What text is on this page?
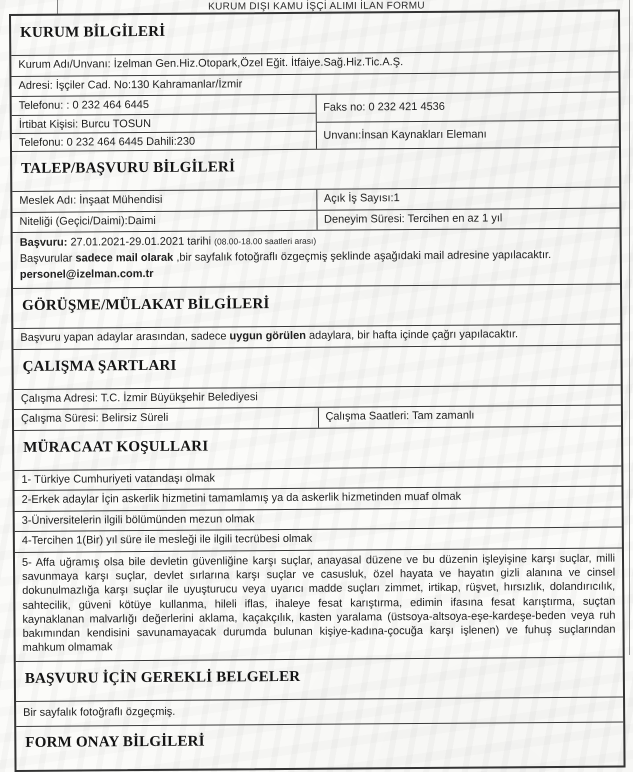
KURUM DIŞI KAMU İŞÇİ ALIMI İLAN FORMU
KURUM BİLGİLERİ
Kurum Adı/Unvanı: İzelman Gen.Hiz.Otopark,Özel Eğit. İtfaiye.Sağ.Hiz.Tic.A.Ş.
Adresi: İşçiler Cad. No:130 Kahramanlar/İzmir
Telefonu: : 0 232 464 6445
İrtibat Kişisi: Burcu TOSUN
Telefonu: 0 232 464 6445 Dahili:230
Faks no: 0 232 421 4536
Unvanı:İnsan Kaynakları Elemanı
TALEP/BAŞVURU BİLGİLERİ
Meslek Adı: İnşaat Mühendisi	Açık İş Sayısı:1
Niteliği (Geçici/Daimi):Daimi	Deneyim Süresi: Tercihen en az 1 yıl
Başvuru: 27.01.2021-29.01.2021 tarihi (08.00-18.00 saatleri arası)
Başvurular sadece mail olarak ,bir sayfalık fotoğraflı özgeçmiş şeklinde aşağıdaki mail adresine yapılacaktır.
personel@izelman.com.tr
GÖRÜŞME/MÜLAKAT BİLGİLERİ
Başvuru yapan adaylar arasından, sadece uygun görülen adaylara, bir hafta içinde çağrı yapılacaktır.
ÇALIŞMA ŞARTLARI
Çalışma Adresi: T.C. İzmir Büyükşehir Belediyesi
Çalışma Süresi: Belirsiz Süreli	Çalışma Saatleri: Tam zamanlı
MÜRACAAT KOŞULLARI
1- Türkiye Cumhuriyeti vatandaşı olmak
2-Erkek adaylar İçin askerlik hizmetini tamamlamış ya da askerlik hizmetinden muaf olmak
3-Üniversitelerin ilgili bölümünden mezun olmak
4-Tercihen 1(Bir) yıl süre ile mesleği ile ilgili tecrübesi olmak
5- Affa uğramış olsa bile devletin güvenliğine karşı suçlar, anayasal düzene ve bu düzenin işleyişine karşı suçlar, milli savunmaya karşı suçlar, devlet sırlarına karşı suçlar ve casusluk, özel hayata ve hayatın gizli alanına ve cinsel dokunulmazlığa karşı suçlar ile uyuşturucu veya uyarıcı madde suçları zimmet, irtikap, rüşvet, hırsızlık, dolandırıcılık, sahtecilik, güveni kötüye kullanma, hileli iflas, ihaleye fesat karıştırma, edimin ifasına fesat karıştırma, suçtan kaynaklanan malvarlığı değerlerini aklama, kaçakçılık, kasten yaralama (üstsoya-altsoya-eşe-kardeşe-beden veya ruh bakımından kendisini savunamayacak durumda bulunan kişiye-kadına-çocuğa karşı işlenen) ve fuhuş suçlarından mahkum olmamak
BAŞVURU İÇİN GEREKLİ BELGELER
Bir sayfalık fotoğraflı özgeçmiş.
FORM ONAY BİLGİLERİ
